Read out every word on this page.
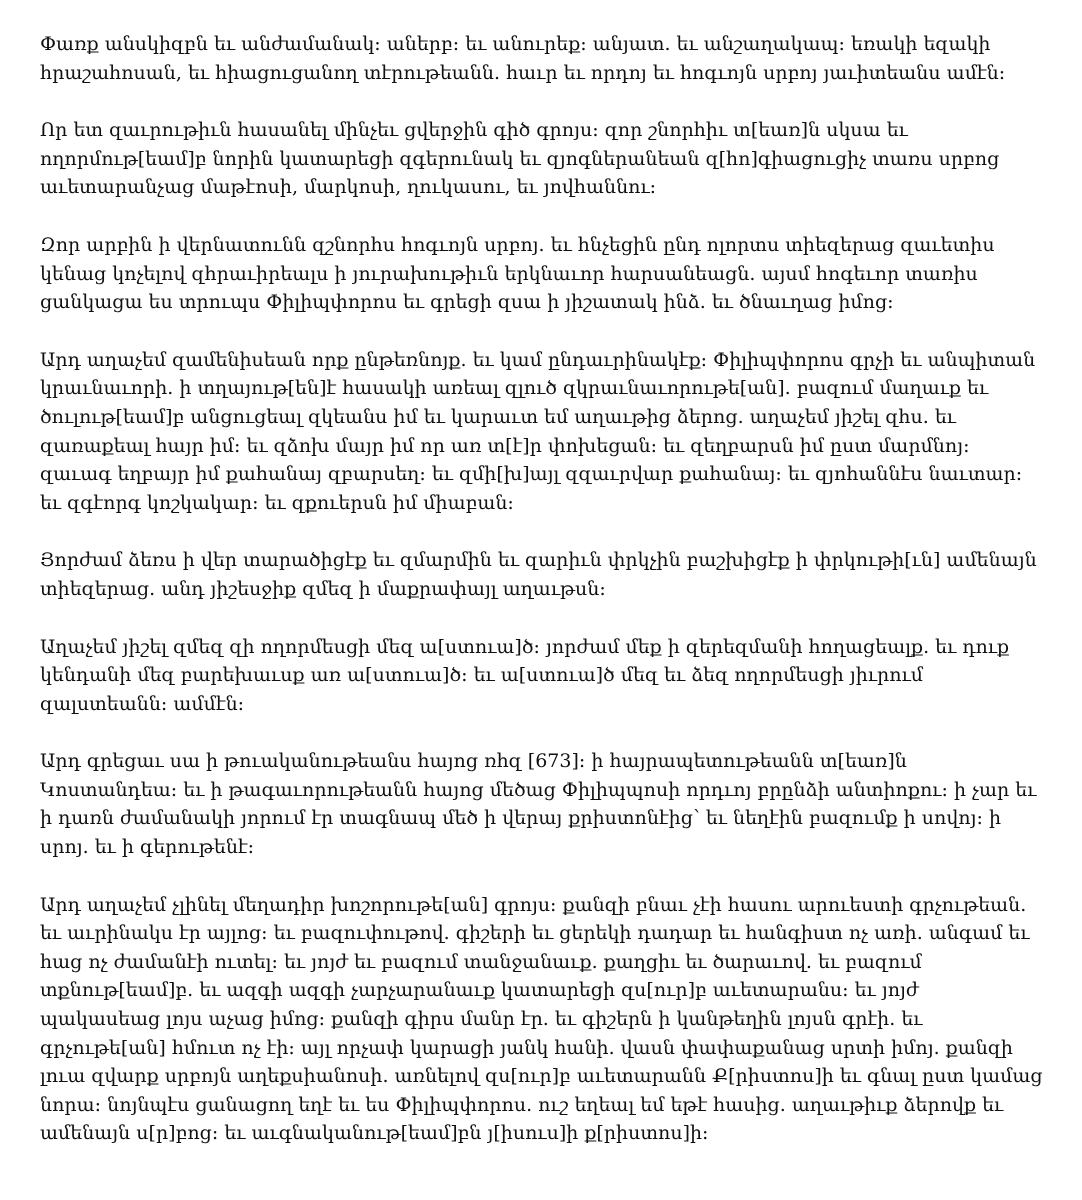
Փառք անսկիզբն եւ անժամանակ։ աներբ։ եւ անուրեք։ անյատ. եւ անշաղակապ։ եռակի եզակի հրաշահոսան, եւ հիացուցանող տէրութեանն. հաւր եւ որդոյ եւ հոգւոյն սրբոյ յաւիտեանս ամէն։

Որ ետ զաւրութիւն հասանել մինչեւ ցվերջին գիծ գրոյս։ զոր շնորհիւ տ[եառ]ն սկսա եւ ողորմութ[եամ]բ նորին կատարեցի զգերունակ եւ զյոգներանեան զ[հո]գիացուցիչ տառս սրբոց աւետարանչաց մաթէոսի, մարկոսի, ղուկասու, եւ յովհաննու։

Զոր արբին ի վերնատունն զշնորհս հոգւոյն սրբոյ. եւ հնչեցին ընդ ոլորտս տիեզերաց զաւետիս կենաց կոչելով զհրաւիրեալս ի յուրախութիւն երկնաւոր հարսանեացն. այսմ հոգեւոր տառիս ցանկացա ես տրուպս Փիլիպփորոս եւ գրեցի զսա ի յիշատակ ինձ. եւ ծնաւղաց իմոց։

Արդ աղաչեմ զամենիսեան որք ընթեռնոյք. եւ կամ ընդաւրինակէք։ Փիլիպփորոս գրչի եւ անպիտան կրաւնաւորի. ի տղայութ[են]է հասակի առեալ զլուծ զկրաւնաւորութե[ան]. բազում մաղաւք եւ ծուլութ[եամ]բ անցուցեալ զկեանս իմ եւ կարաւտ եմ աղաւթից ձերոց. աղաչեմ յիշել զհս. եւ զառաքեալ հայր իմ։ եւ զձոխ մայր իմ որ առ տ[է]ր փոխեցան։ եւ զեղբարսն իմ ըստ մարմնոյ։ զաւագ եղբայր իմ քահանայ զբարսեղ։ եւ զմի[խ]այլ զզաւրվար քահանայ։ եւ զյոհաննէս նաւտար։ եւ զգէորգ կոշկակար։ եւ զքուերսն իմ միաբան։

Յորժամ ձեռս ի վեր տարածիցէք եւ զմարմին եւ զարիւն փրկչին բաշխիցէք ի փրկութի[ւն] ամենայն տիեզերաց. անդ յիշեսջիք զմեզ ի մաքրափայլ աղաւթսն։

Աղաչեմ յիշել զմեզ զի ողորմեսցի մեզ ա[ստուա]ծ։ յորժամ մեք ի զերեզմանի հողացեալք. եւ դուք կենդանի մեզ բարեխաւսք առ ա[ստուա]ծ։ եւ ա[ստուա]ծ մեզ եւ ձեզ ողորմեսցի յիւրում զալստեանն։ ամմէն։

Արդ գրեցաւ սա ի թուականութեանս հայոց ռհզ [673]։ ի հայրապետութեանն տ[եառ]ն Կոստանդեա։ եւ ի թագաւորութեանն հայոց մեծաց Փիլիպպոսի որդւոյ բրընձի անտիոքու։ ի չար եւ ի դառն ժամանակի յորում էր տագնապ մեծ ի վերայ քրիստոնէից՝ եւ նեղէին բազումք ի սովոյ։ ի սրոյ. եւ ի գերութենէ։

Արդ աղաչեմ չլինել մեղադիր խոշորութե[ան] գրոյս։ քանզի բնաւ չէի հասու արուեստի գրչութեան. եւ աւրինակս էր այլոց։ եւ բազուփութով. գիշերի եւ ցերեկի դադար եւ հանգիստ ոչ առի. անգամ եւ հաց ոչ ժամանէի ուտել։ եւ յոյժ եւ բազում տանջանաւք. քաղցիւ եւ ծարաւով. եւ բազում տքնութ[եամ]բ. եւ ազգի ազգի չարչարանաւք կատարեցի զս[ուր]բ աւետարանս։ եւ յոյժ պակասեաց լոյս աչաց իմոց։ քանզի գիրս մանր էր. եւ գիշերն ի կանթեղին լոյսն գրէի. եւ գրչութե[ան] հմուտ ոչ էի։ այլ որչափ կարացի յանկ հանի. վասն փափաքանաց սրտի իմոյ. քանզի լուա զվարք սրբոյն աղեքսիանոսի. առնելով զս[ուր]բ աւետարանն Ք[րիստոս]ի եւ գնալ ըստ կամաց նորա։ նոյնպէս ցանացող եղէ եւ ես Փիլիպփորոս. ուշ եղեալ եմ եթէ հասից. աղաւթիւք ձերովք եւ ամենայն ս[ր]բոց։ եւ աւգնականութ[եամ]բն յ[իսուս]ի ք[րիստոս]ի։
